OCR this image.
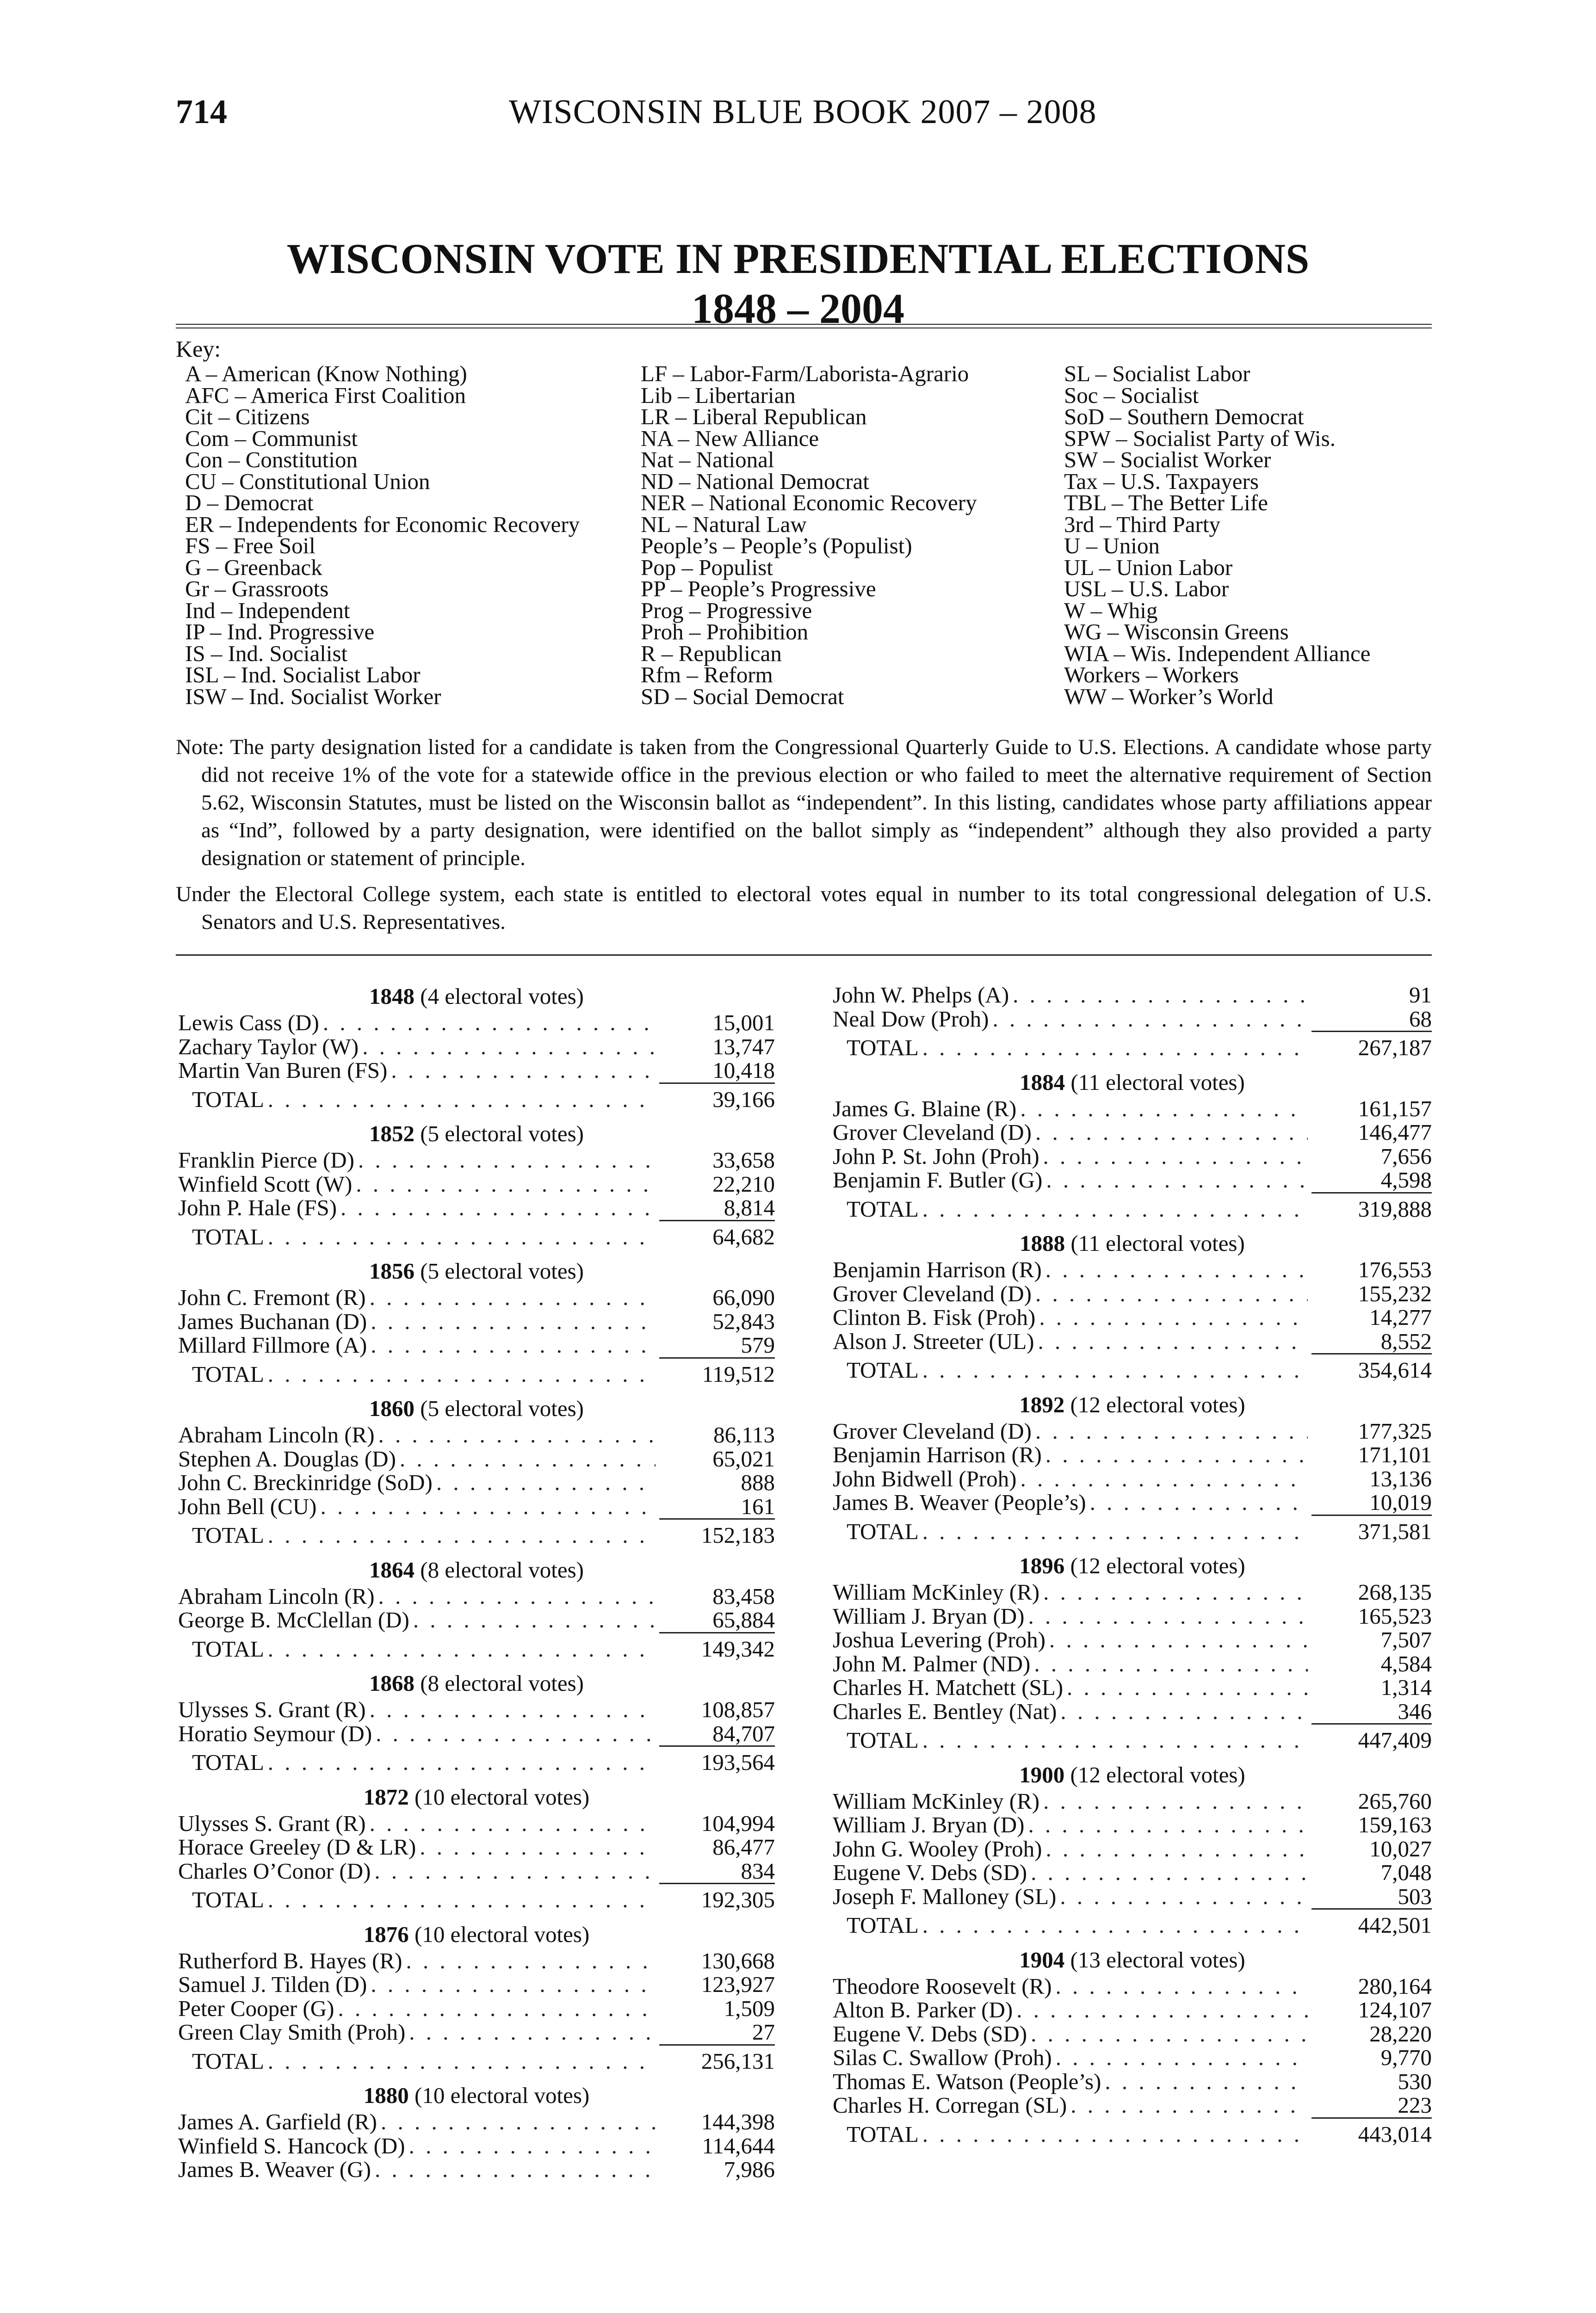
714	WISCONSIN BLUE BOOK 2007 – 2008
WISCONSIN VOTE IN PRESIDENTIAL ELECTIONS
1848 – 2004
Key:
A – American (Know Nothing)
AFC – America First Coalition
Cit – Citizens
Com – Communist
Con – Constitution
CU – Constitutional Union
D – Democrat
ER – Independents for Economic Recovery
FS – Free Soil
G – Greenback
Gr – Grassroots
Ind – Independent
IP – Ind. Progressive
IS – Ind. Socialist
ISL – Ind. Socialist Labor
ISW – Ind. Socialist Worker
LF – Labor-Farm/Laborista-Agrario
Lib – Libertarian
LR – Liberal Republican
NA – New Alliance
Nat – National
ND – National Democrat
NER – National Economic Recovery
NL – Natural Law
People’s – People’s (Populist)
Pop – Populist
PP – People’s Progressive
Prog – Progressive
Proh – Prohibition
R – Republican
Rfm – Reform
SD – Social Democrat
SL – Socialist Labor
Soc – Socialist
SoD – Southern Democrat
SPW – Socialist Party of Wis.
SW – Socialist Worker
Tax – U.S. Taxpayers
TBL – The Better Life
3rd – Third Party
U – Union
UL – Union Labor
USL – U.S. Labor
W – Whig
WG – Wisconsin Greens
WIA – Wis. Independent Alliance
Workers – Workers
WW – Worker’s World

Note: The party designation listed for a candidate is taken from the Congressional Quarterly Guide to U.S. Elections. A candidate whose party did not receive 1% of the vote for a statewide office in the previous election or who failed to meet the alternative requirement of Section 5.62, Wisconsin Statutes, must be listed on the Wisconsin ballot as “independent”. In this listing, candidates whose party affiliations appear as “Ind”, followed by a party designation, were identified on the ballot simply as “independent” although they also provided a party designation or statement of principle.

Under the Electoral College system, each state is entitled to electoral votes equal in number to its total congressional delegation of U.S. Senators and U.S. Representatives.

1848 (4 electoral votes)
Lewis Cass (D) . . .	15,001
Zachary Taylor (W) . . .	13,747
Martin Van Buren (FS) . . .	10,418
TOTAL . . .	39,166
1852 (5 electoral votes)
Franklin Pierce (D) . . .	33,658
Winfield Scott (W) . . .	22,210
John P. Hale (FS) . . .	8,814
TOTAL . . .	64,682
1856 (5 electoral votes)
John C. Fremont (R) . . .	66,090
James Buchanan (D) . . .	52,843
Millard Fillmore (A) . . .	579
TOTAL . . .	119,512
1860 (5 electoral votes)
Abraham Lincoln (R) . . .	86,113
Stephen A. Douglas (D) . . .	65,021
John C. Breckinridge (SoD) . . .	888
John Bell (CU) . . .	161
TOTAL . . .	152,183
1864 (8 electoral votes)
Abraham Lincoln (R) . . .	83,458
George B. McClellan (D) . . .	65,884
TOTAL . . .	149,342
1868 (8 electoral votes)
Ulysses S. Grant (R) . . .	108,857
Horatio Seymour (D) . . .	84,707
TOTAL . . .	193,564
1872 (10 electoral votes)
Ulysses S. Grant (R) . . .	104,994
Horace Greeley (D & LR) . . .	86,477
Charles O’Conor (D) . . .	834
TOTAL . . .	192,305
1876 (10 electoral votes)
Rutherford B. Hayes (R) . . .	130,668
Samuel J. Tilden (D) . . .	123,927
Peter Cooper (G) . . .	1,509
Green Clay Smith (Proh) . . .	27
TOTAL . . .	256,131
1880 (10 electoral votes)
James A. Garfield (R) . . .	144,398
Winfield S. Hancock (D) . . .	114,644
James B. Weaver (G) . . .	7,986
John W. Phelps (A) . . .	91
Neal Dow (Proh) . . .	68
TOTAL . . .	267,187
1884 (11 electoral votes)
James G. Blaine (R) . . .	161,157
Grover Cleveland (D) . . .	146,477
John P. St. John (Proh) . . .	7,656
Benjamin F. Butler (G) . . .	4,598
TOTAL . . .	319,888
1888 (11 electoral votes)
Benjamin Harrison (R) . . .	176,553
Grover Cleveland (D) . . .	155,232
Clinton B. Fisk (Proh) . . .	14,277
Alson J. Streeter (UL) . . .	8,552
TOTAL . . .	354,614
1892 (12 electoral votes)
Grover Cleveland (D) . . .	177,325
Benjamin Harrison (R) . . .	171,101
John Bidwell (Proh) . . .	13,136
James B. Weaver (People’s) . . .	10,019
TOTAL . . .	371,581
1896 (12 electoral votes)
William McKinley (R) . . .	268,135
William J. Bryan (D) . . .	165,523
Joshua Levering (Proh) . . .	7,507
John M. Palmer (ND) . . .	4,584
Charles H. Matchett (SL) . . .	1,314
Charles E. Bentley (Nat) . . .	346
TOTAL . . .	447,409
1900 (12 electoral votes)
William McKinley (R) . . .	265,760
William J. Bryan (D) . . .	159,163
John G. Wooley (Proh) . . .	10,027
Eugene V. Debs (SD) . . .	7,048
Joseph F. Malloney (SL) . . .	503
TOTAL . . .	442,501
1904 (13 electoral votes)
Theodore Roosevelt (R) . . .	280,164
Alton B. Parker (D) . . .	124,107
Eugene V. Debs (SD) . . .	28,220
Silas C. Swallow (Proh) . . .	9,770
Thomas E. Watson (People’s) . . .	530
Charles H. Corregan (SL) . . .	223
TOTAL . . .	443,014
